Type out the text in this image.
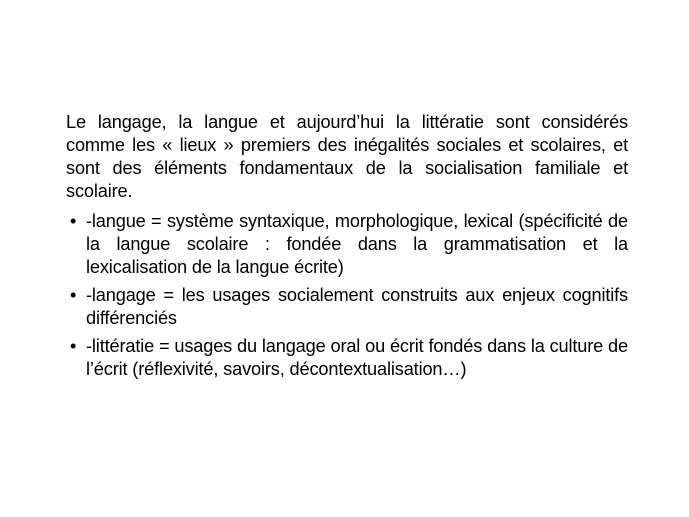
Le langage, la langue et aujourd’hui la littératie sont considérés comme les « lieux » premiers des inégalités sociales et scolaires, et sont des éléments fondamentaux de la socialisation familiale et scolaire.

• -langue = système syntaxique, morphologique, lexical (spécificité de la langue scolaire : fondée dans la grammatisation et la lexicalisation de la langue écrite)
• -langage = les usages socialement construits aux enjeux cognitifs différenciés
• -littératie = usages du langage oral ou écrit fondés dans la culture de l’écrit (réflexivité, savoirs, décontextualisation…)
